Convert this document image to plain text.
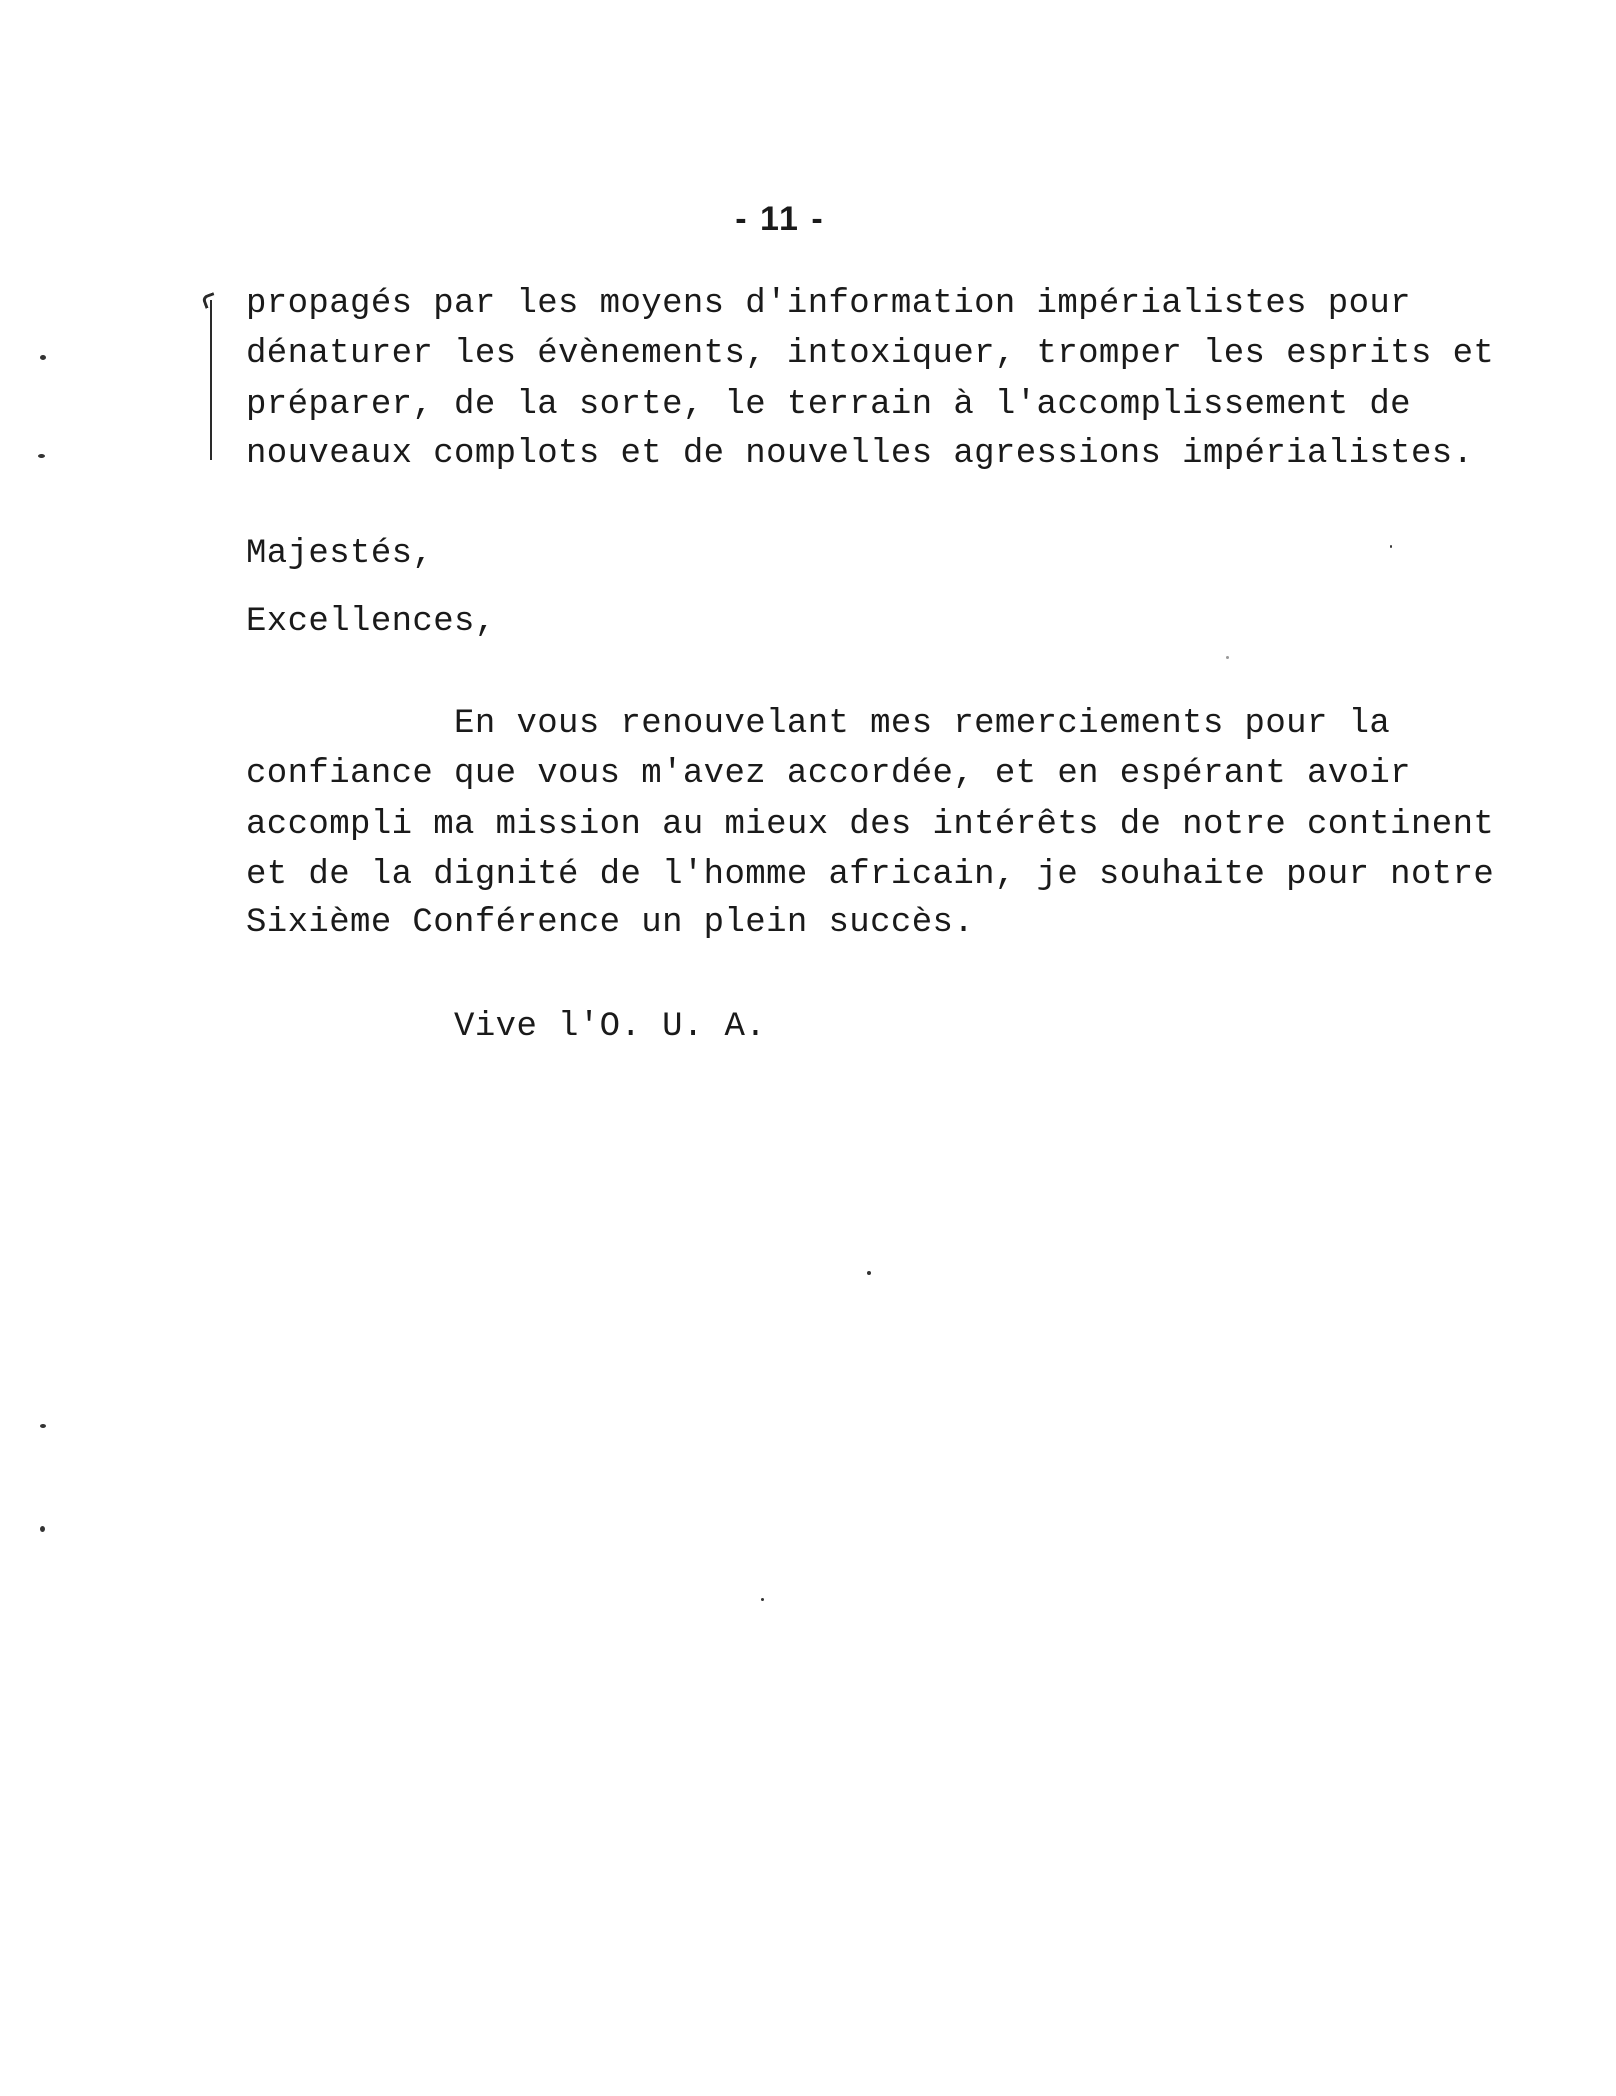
- 11 -
propagés par les moyens d'information impérialistes pour
dénaturer les évènements, intoxiquer, tromper les esprits et
préparer, de la sorte, le terrain à l'accomplissement de
nouveaux complots et de nouvelles agressions impérialistes.
Majestés,
Excellences,
En vous renouvelant mes remerciements pour la
confiance que vous m'avez accordée, et en espérant avoir
accompli ma mission au mieux des intérêts de notre continent
et de la dignité de l'homme africain, je souhaite pour notre
Sixième Conférence un plein succès.
Vive l'O. U. A.
